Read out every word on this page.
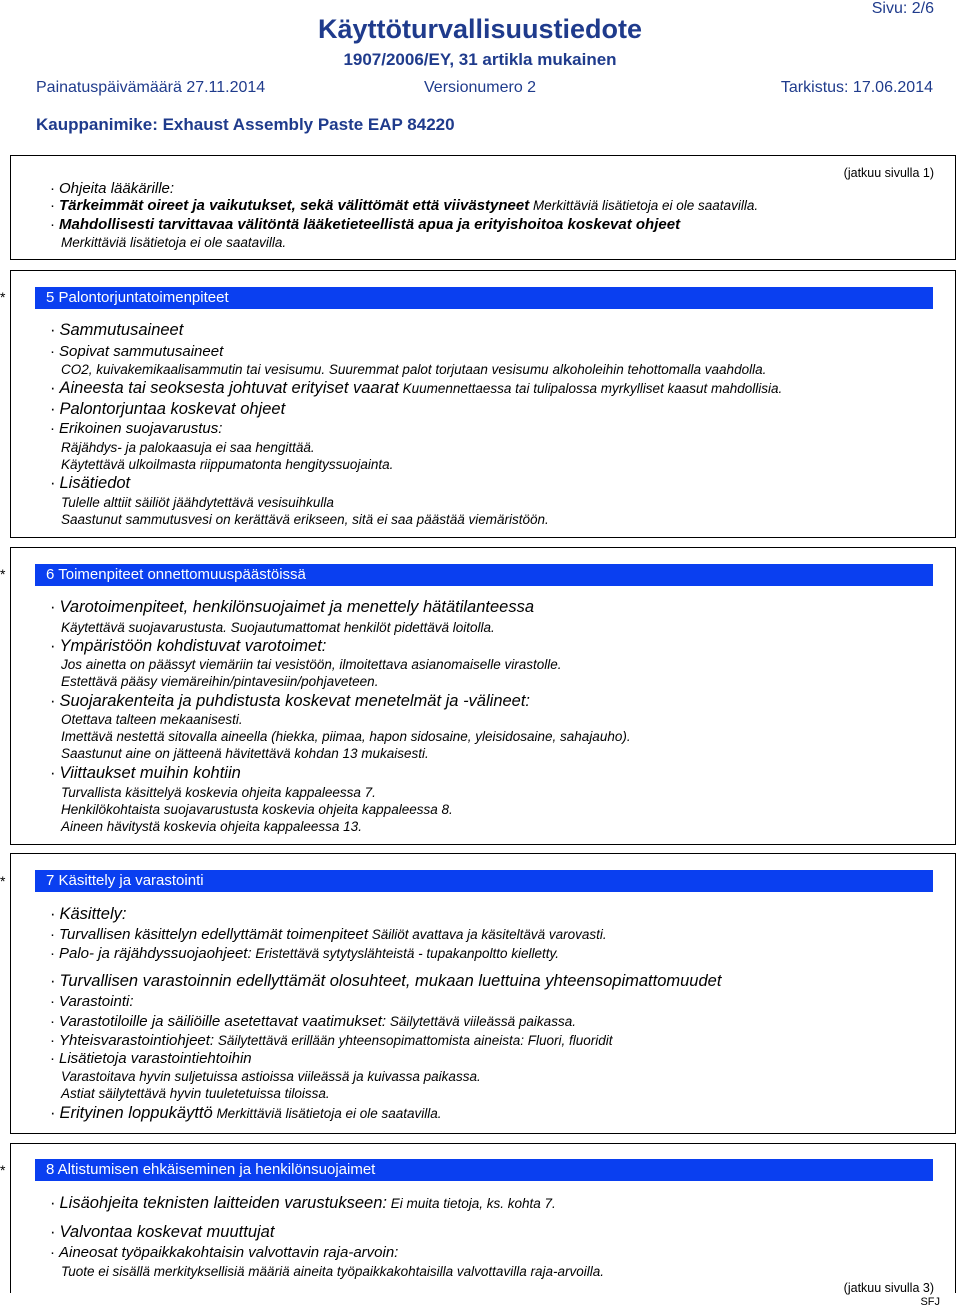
Sivu: 2/6
Käyttöturvallisuustiedote
1907/2006/EY, 31 artikla mukainen
Painatuspäivämäärä 27.11.2014	Versionumero 2	Tarkistus: 17.06.2014
Kauppanimike: Exhaust Assembly Paste EAP 84220
(jatkuu sivulla 1)
· Ohjeita lääkärille:
· Tärkeimmät oireet ja vaikutukset, sekä välittömät että viivästyneet Merkittäviä lisätietoja ei ole saatavilla.
· Mahdollisesti tarvittavaa välitöntä lääketieteellistä apua ja erityishoitoa koskevat ohjeet
Merkittäviä lisätietoja ei ole saatavilla.
*	5 Palontorjuntatoimenpiteet
· Sammutusaineet
· Sopivat sammutusaineet
CO2, kuivakemikaalisammutin tai vesisumu. Suuremmat palot torjutaan vesisumu alkoholeihin tehottomalla vaahdolla.
· Aineesta tai seoksesta johtuvat erityiset vaarat Kuumennettaessa tai tulipalossa myrkylliset kaasut mahdollisia.
· Palontorjuntaa koskevat ohjeet
· Erikoinen suojavarustus:
Räjähdys- ja palokaasuja ei saa hengittää.
Käytettävä ulkoilmasta riippumatonta hengityssuojainta.
· Lisätiedot
Tulelle alttiit säiliöt jäähdytettävä vesisuihkulla
Saastunut sammutusvesi on kerättävä erikseen, sitä ei saa päästää viemäristöön.
*	6 Toimenpiteet onnettomuuspäästöissä
· Varotoimenpiteet, henkilönsuojaimet ja menettely hätätilanteessa
Käytettävä suojavarustusta. Suojautumattomat henkilöt pidettävä loitolla.
· Ympäristöön kohdistuvat varotoimet:
Jos ainetta on päässyt viemäriin tai vesistöön, ilmoitettava asianomaiselle virastolle.
Estettävä pääsy viemäreihin/pintavesiin/pohjaveteen.
· Suojarakenteita ja puhdistusta koskevat menetelmät ja -välineet:
Otettava talteen mekaanisesti.
Imettävä nestettä sitovalla aineella (hiekka, piimaa, hapon sidosaine, yleisidosaine, sahajauho).
Saastunut aine on jätteenä hävitettävä kohdan 13 mukaisesti.
· Viittaukset muihin kohtiin
Turvallista käsittelyä koskevia ohjeita kappaleessa 7.
Henkilökohtaista suojavarustusta koskevia ohjeita kappaleessa 8.
Aineen hävitystä koskevia ohjeita kappaleessa 13.
*	7 Käsittely ja varastointi
· Käsittely:
· Turvallisen käsittelyn edellyttämät toimenpiteet Säiliöt avattava ja käsiteltävä varovasti.
· Palo- ja räjähdyssuojaohjeet: Eristettävä sytytyslähteistä - tupakanpoltto kielletty.
· Turvallisen varastoinnin edellyttämät olosuhteet, mukaan luettuina yhteensopimattomuudet
· Varastointi:
· Varastotiloille ja säiliöille asetettavat vaatimukset: Säilytettävä viileässä paikassa.
· Yhteisvarastointiohjeet: Säilytettävä erillään yhteensopimattomista aineista: Fluori, fluoridit
· Lisätietoja varastointiehtoihin
Varastoitava hyvin suljetuissa astioissa viileässä ja kuivassa paikassa.
Astiat säilytettävä hyvin tuuletetuissa tiloissa.
· Erityinen loppukäyttö Merkittäviä lisätietoja ei ole saatavilla.
*	8 Altistumisen ehkäiseminen ja henkilönsuojaimet
· Lisäohjeita teknisten laitteiden varustukseen: Ei muita tietoja, ks. kohta 7.
· Valvontaa koskevat muuttujat
· Aineosat työpaikkakohtaisin valvottavin raja-arvoin:
Tuote ei sisällä merkityksellisiä määriä aineita työpaikkakohtaisilla valvottavilla raja-arvoilla.
(jatkuu sivulla 3)
SFJ
